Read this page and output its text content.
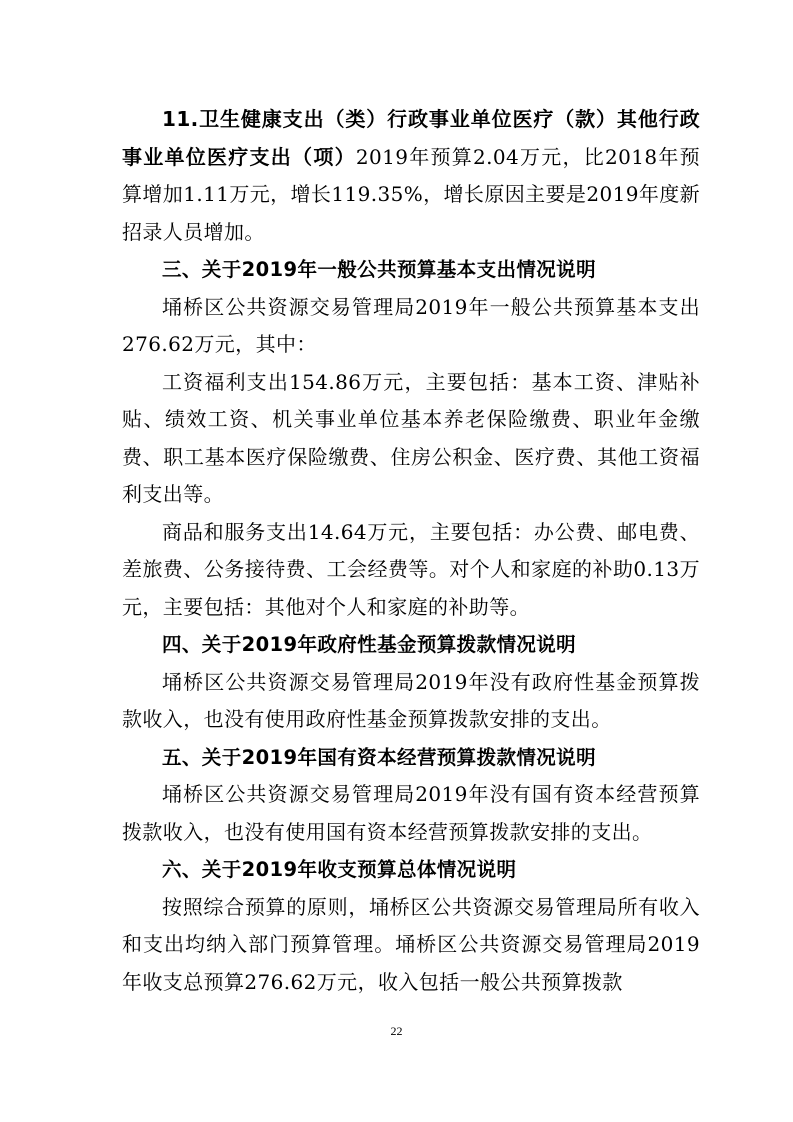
11.卫生健康支出（类）行政事业单位医疗（款）其他行政事业单位医疗支出（项）2019年预算2.04万元，比2018年预算增加1.11万元，增长119.35%，增长原因主要是2019年度新招录人员增加。

三、关于2019年一般公共预算基本支出情况说明

埇桥区公共资源交易管理局2019年一般公共预算基本支出276.62万元，其中：

工资福利支出154.86万元，主要包括：基本工资、津贴补贴、绩效工资、机关事业单位基本养老保险缴费、职业年金缴费、职工基本医疗保险缴费、住房公积金、医疗费、其他工资福利支出等。

商品和服务支出14.64万元，主要包括：办公费、邮电费、差旅费、公务接待费、工会经费等。对个人和家庭的补助0.13万元，主要包括：其他对个人和家庭的补助等。

四、关于2019年政府性基金预算拨款情况说明

埇桥区公共资源交易管理局2019年没有政府性基金预算拨款收入，也没有使用政府性基金预算拨款安排的支出。

五、关于2019年国有资本经营预算拨款情况说明

埇桥区公共资源交易管理局2019年没有国有资本经营预算拨款收入，也没有使用国有资本经营预算拨款安排的支出。

六、关于2019年收支预算总体情况说明

按照综合预算的原则，埇桥区公共资源交易管理局所有收入和支出均纳入部门预算管理。埇桥区公共资源交易管理局2019年收支总预算276.62万元，收入包括一般公共预算拨款

22
